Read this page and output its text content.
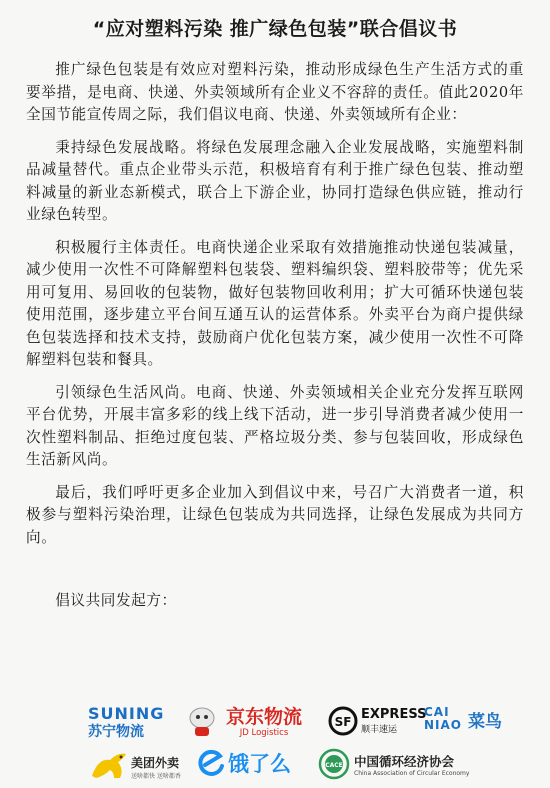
“应对塑料污染 推广绿色包装”联合倡议书

推广绿色包装是有效应对塑料污染，推动形成绿色生产生活方式的重要举措，是电商、快递、外卖领域所有企业义不容辞的责任。值此2020年全国节能宣传周之际，我们倡议电商、快递、外卖领域所有企业：

秉持绿色发展战略。将绿色发展理念融入企业发展战略，实施塑料制品减量替代。重点企业带头示范，积极培育有利于推广绿色包装、推动塑料减量的新业态新模式，联合上下游企业，协同打造绿色供应链，推动行业绿色转型。

积极履行主体责任。电商快递企业采取有效措施推动快递包装减量，减少使用一次性不可降解塑料包装袋、塑料编织袋、塑料胶带等；优先采用可复用、易回收的包装物，做好包装物回收利用；扩大可循环快递包装使用范围，逐步建立平台间互通互认的运营体系。外卖平台为商户提供绿色包装选择和技术支持，鼓励商户优化包装方案，减少使用一次性不可降解塑料包装和餐具。

引领绿色生活风尚。电商、快递、外卖领域相关企业充分发挥互联网平台优势，开展丰富多彩的线上线下活动，进一步引导消费者减少使用一次性塑料制品、拒绝过度包装、严格垃圾分类、参与包装回收，形成绿色生活新风尚。

最后，我们呼吁更多企业加入到倡议中来，号召广大消费者一道，积极参与塑料污染治理，让绿色包装成为共同选择，让绿色发展成为共同方向。

倡议共同发起方：
SUNING
苏宁物流
京东物流
JD Logistics
SF EXPRESS
顺丰速运
CAI NIAO 菜鸟
美团外卖
送啥都快 送啥都香
饿了么	CACE 中国循环经济协会
China Association of Circular Economy
